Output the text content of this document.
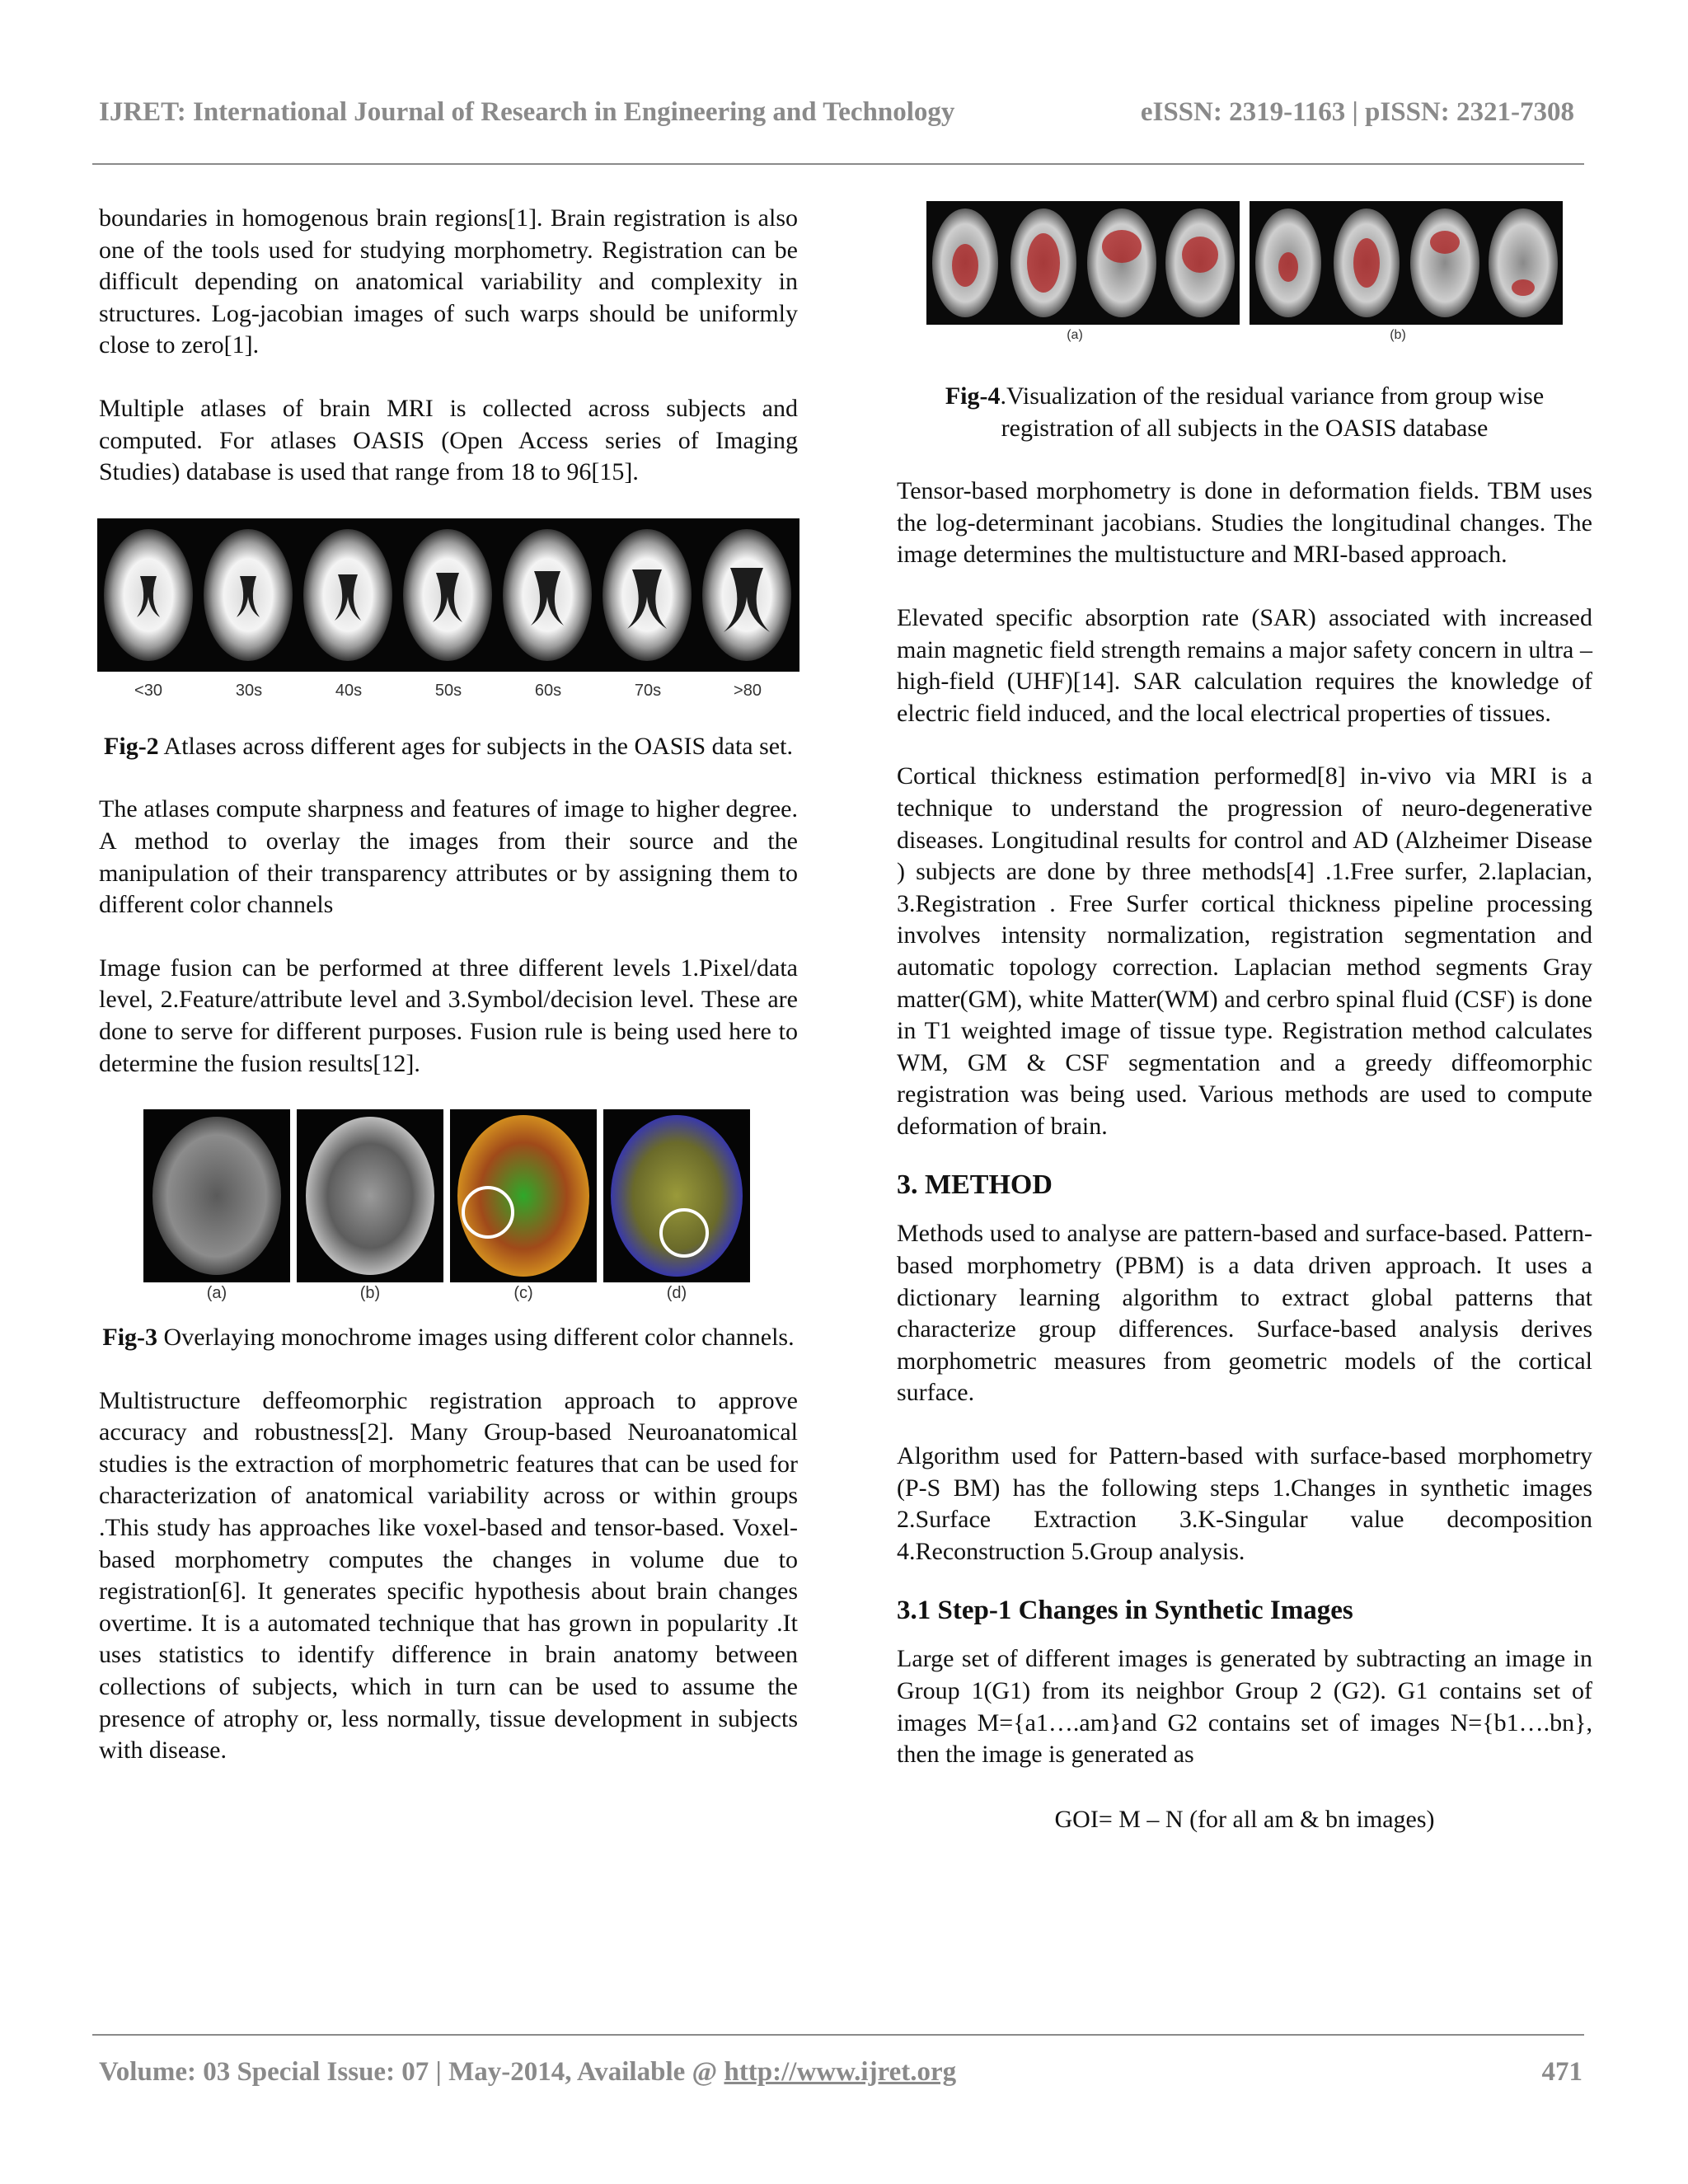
IJRET: International Journal of Research in Engineering and Technology	eISSN: 2319-1163 | pISSN: 2321-7308

boundaries in homogenous brain regions[1]. Brain registration is also one of the tools used for studying morphometry. Registration can be difficult depending on anatomical variability and complexity in structures. Log-jacobian images of such warps should be uniformly close to zero[1].

Multiple atlases of brain MRI is collected across subjects and computed. For atlases OASIS (Open Access series of Imaging Studies) database is used that range from 18 to 96[15].

<30	30s	40s	50s	60s	70s	>80

Fig-2 Atlases across different ages for subjects in the OASIS data set.

The atlases compute sharpness and features of image to higher degree. A method to overlay the images from their source and the manipulation of their transparency attributes or by assigning them to different color channels

Image fusion can be performed at three different levels 1.Pixel/data level, 2.Feature/attribute level and 3.Symbol/decision level. These are done to serve for different purposes. Fusion rule is being used here to determine the fusion results[12].

(a)	(b)	(c)	(d)

Fig-3 Overlaying monochrome images using different color channels.

Multistructure deffeomorphic registration approach to approve accuracy and robustness[2]. Many Group-based Neuroanatomical studies is the extraction of morphometric features that can be used for characterization of anatomical variability across or within groups .This study has approaches like voxel-based and tensor-based. Voxel-based morphometry computes the changes in volume due to registration[6]. It generates specific hypothesis about brain changes overtime. It is a automated technique that has grown in popularity .It uses statistics to identify difference in brain anatomy between collections of subjects, which in turn can be used to assume the presence of atrophy or, less normally, tissue development in subjects with disease.

(a)	(b)

Fig-4.Visualization of the residual variance from group wise registration of all subjects in the OASIS database

Tensor-based morphometry is done in deformation fields. TBM uses the log-determinant jacobians. Studies the longitudinal changes. The image determines the multistucture and MRI-based approach.

Elevated specific absorption rate (SAR) associated with increased main magnetic field strength remains a major safety concern in ultra –high-field (UHF)[14]. SAR calculation requires the knowledge of electric field induced, and the local electrical properties of tissues.

Cortical thickness estimation performed[8] in-vivo via MRI is a technique to understand the progression of neuro-degenerative diseases. Longitudinal results for control and AD (Alzheimer Disease ) subjects are done by three methods[4] .1.Free surfer, 2.laplacian, 3.Registration . Free Surfer cortical thickness pipeline processing involves intensity normalization, registration segmentation and automatic topology correction. Laplacian method segments Gray matter(GM), white Matter(WM) and cerbro spinal fluid (CSF) is done in T1 weighted image of tissue type. Registration method calculates WM, GM & CSF segmentation and a greedy diffeomorphic registration was being used. Various methods are used to compute deformation of brain.

3. METHOD

Methods used to analyse are pattern-based and surface-based. Pattern-based morphometry (PBM) is a data driven approach. It uses a dictionary learning algorithm to extract global patterns that characterize group differences. Surface-based analysis derives morphometric measures from geometric models of the cortical surface.

Algorithm used for Pattern-based with surface-based morphometry (P-S BM) has the following steps 1.Changes in synthetic images 2.Surface Extraction 3.K-Singular value decomposition 4.Reconstruction 5.Group analysis.

3.1 Step-1 Changes in Synthetic Images

Large set of different images is generated by subtracting an image in Group 1(G1) from its neighbor Group 2 (G2). G1 contains set of images M={a1….am}and G2 contains set of images N={b1….bn}, then the image is generated as

GOI= M – N (for all am & bn images)

Volume: 03 Special Issue: 07 | May-2014, Available @ http://www.ijret.org	471
